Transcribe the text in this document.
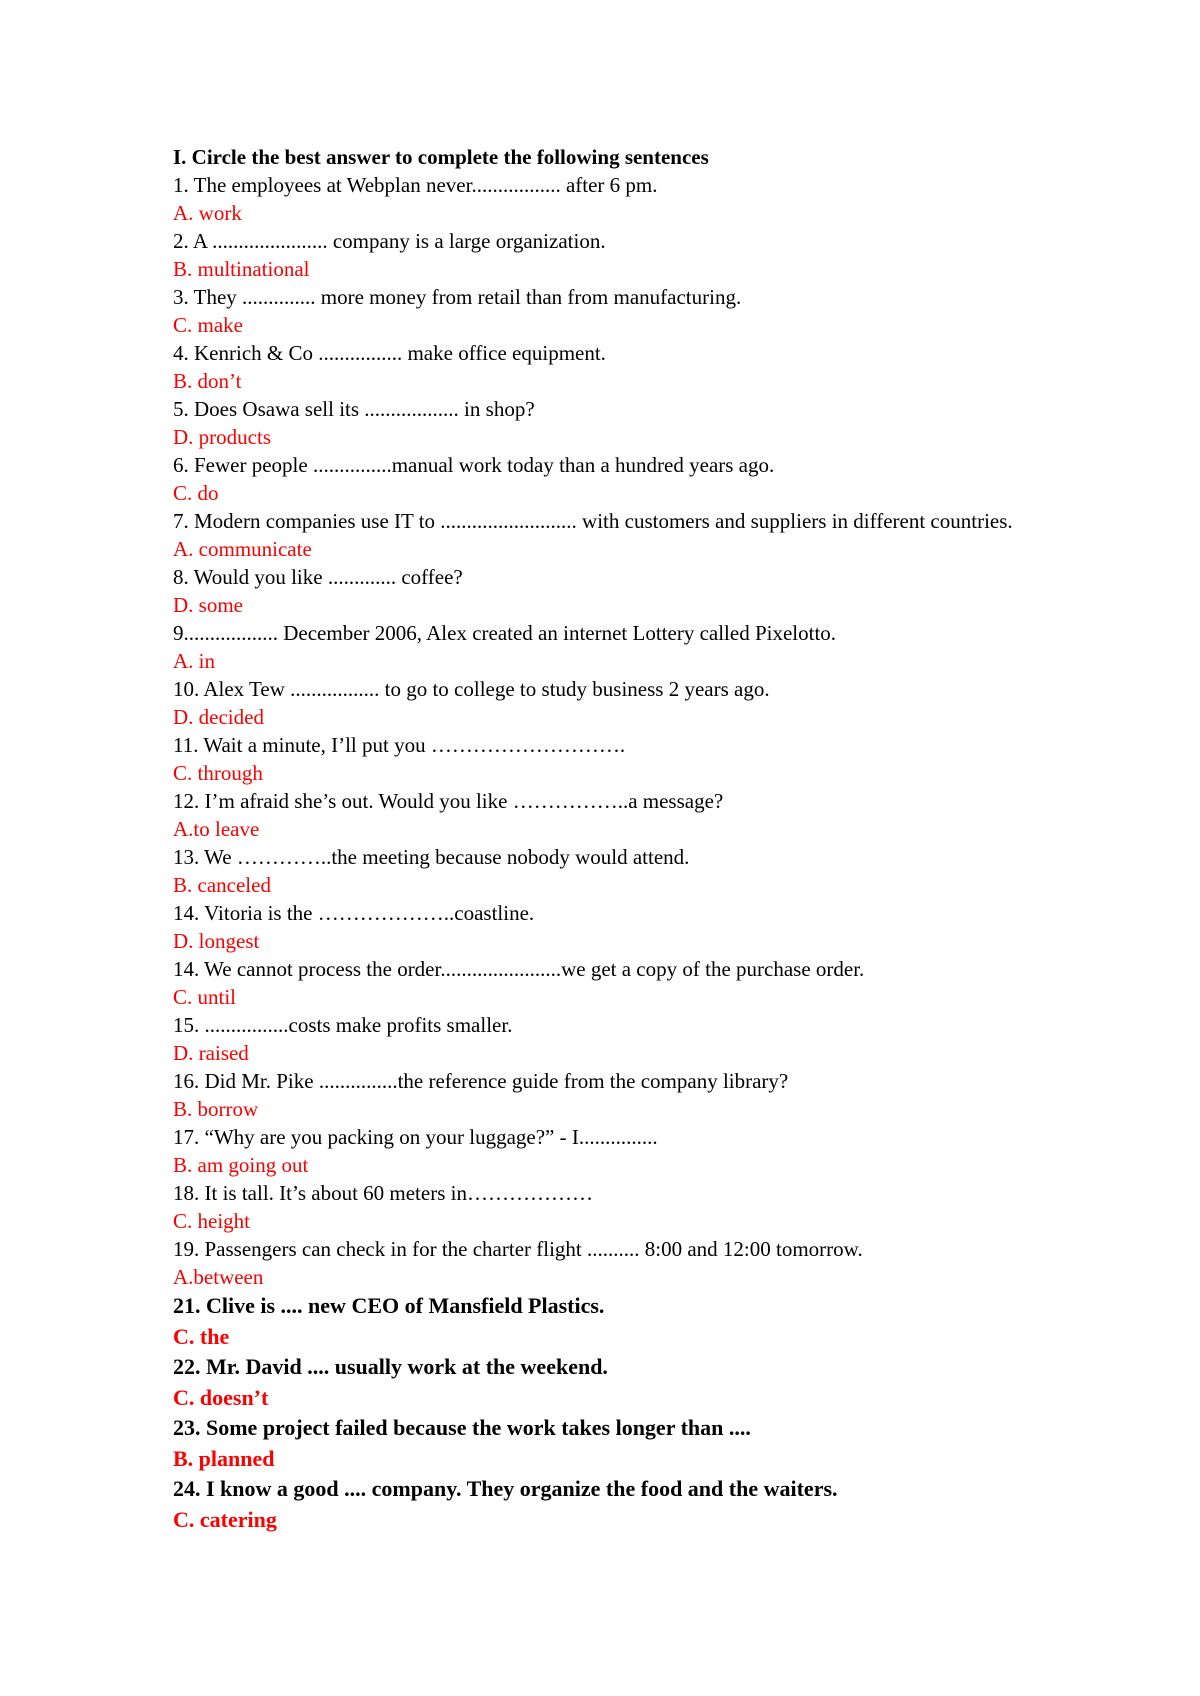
I. Circle the best answer to complete the following sentences
1. The employees at Webplan never................. after 6 pm.
A. work
2. A ...................... company is a large organization.
B. multinational
3. They .............. more money from retail than from manufacturing.
C. make
4. Kenrich & Co ................ make office equipment.
B. don’t
5. Does Osawa sell its .................. in shop?
D. products
6. Fewer people ...............manual work today than a hundred years ago.
C. do
7. Modern companies use IT to .......................... with customers and suppliers in different countries.
A. communicate
8. Would you like ............. coffee?
D. some
9.................. December 2006, Alex created an internet Lottery called Pixelotto.
A. in
10. Alex Tew ................. to go to college to study business 2 years ago.
D. decided
11. Wait a minute, I’ll put you ……………………….
C. through
12. I’m afraid she’s out. Would you like ……………..a message?
A.to leave
13. We …………..the meeting because nobody would attend.
B. canceled
14. Vitoria is the ………………..coastline.
D. longest
14. We cannot process the order.......................we get a copy of the purchase order.
C. until
15. ................costs make profits smaller.
D. raised
16. Did Mr. Pike ...............the reference guide from the company library?
B. borrow
17. “Why are you packing on your luggage?” - I...............
B. am going out
18. It is tall. It’s about 60 meters in………………
C. height
19. Passengers can check in for the charter flight .......... 8:00 and 12:00 tomorrow.
A.between
21. Clive is .... new CEO of Mansfield Plastics.
C. the
22. Mr. David .... usually work at the weekend.
C. doesn’t
23. Some project failed because the work takes longer than ....
B. planned
24. I know a good .... company. They organize the food and the waiters.
C. catering
